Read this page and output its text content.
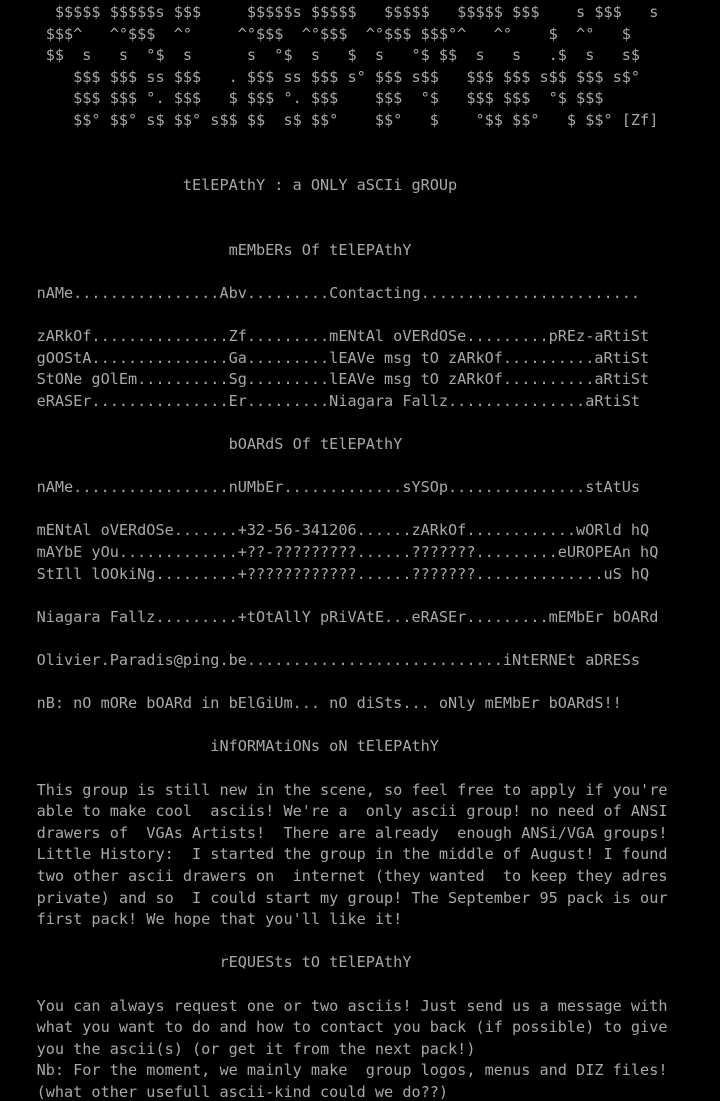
$$$$$ $$$$$s $$$     $$$$$s $$$$$   $$$$$   $$$$$ $$$    s $$$   s
$$$^   ^°$$$  ^°     ^°$$$  ^°$$$  ^°$$$ $$$°^   ^°    $  ^°   $
$$  s   s  °$  s      s  °$  s   $  s   °$ $$  s   s   .$  s   s$
$$$ $$$ ss $$$   . $$$ ss $$$ s° $$$ s$$   $$$ $$$ s$$ $$$ s$°
$$$ $$$ °. $$$   $ $$$ °. $$$    $$$  °$   $$$ $$$  °$ $$$
$$° $$° s$ $$° s$$ $$  s$ $$°    $$°   $    °$$ $$°   $ $$° [Zf]
tElEPAthY : a ONLY aSCIi gROUp
mEMbERs Of tElEPAthY
nAMe................Abv.........Contacting........................
zARkOf...............Zf.........mENtAl oVERdOSe.........pREz-aRtiSt
gOOStA...............Ga.........lEAVe msg tO zARkOf..........aRtiSt
StONe gOlEm..........Sg.........lEAVe msg tO zARkOf..........aRtiSt
eRASEr...............Er.........Niagara Fallz...............aRtiSt
bOARdS Of tElEPAthY
nAMe.................nUMbEr.............sYSOp...............stAtUs
mENtAl oVERdOSe.......+32-56-341206......zARkOf............wORld hQ
mAYbE yOu.............+??-?????????......???????.........eUROPEAn hQ
StIll lOOkiNg.........+????????????......???????..............uS hQ
Niagara Fallz.........+tOtAllY pRiVAtE...eRASEr.........mEMbEr bOARd
Olivier.Paradis@ping.be............................iNtERNEt aDRESs
nB: nO mORe bOARd in bElGiUm... nO diSts... oNly mEMbEr bOARdS!!
iNfORMAtiONs oN tElEPAthY
This group is still new in the scene, so feel free to apply if you're
able to make cool  asciis! We're a  only ascii group! no need of ANSI
drawers of  VGAs Artists!  There are already  enough ANSi/VGA groups!
Little History:  I started the group in the middle of August! I found
two other ascii drawers on  internet (they wanted  to keep they adres
private) and so  I could start my group! The September 95 pack is our
first pack! We hope that you'll like it!
rEQUESts tO tElEPAthY
You can always request one or two asciis! Just send us a message with
what you want to do and how to contact you back (if possible) to give
you the ascii(s) (or get it from the next pack!)
Nb: For the moment, we mainly make  group logos, menus and DIZ files!
(what other usefull ascii-kind could we do??)
